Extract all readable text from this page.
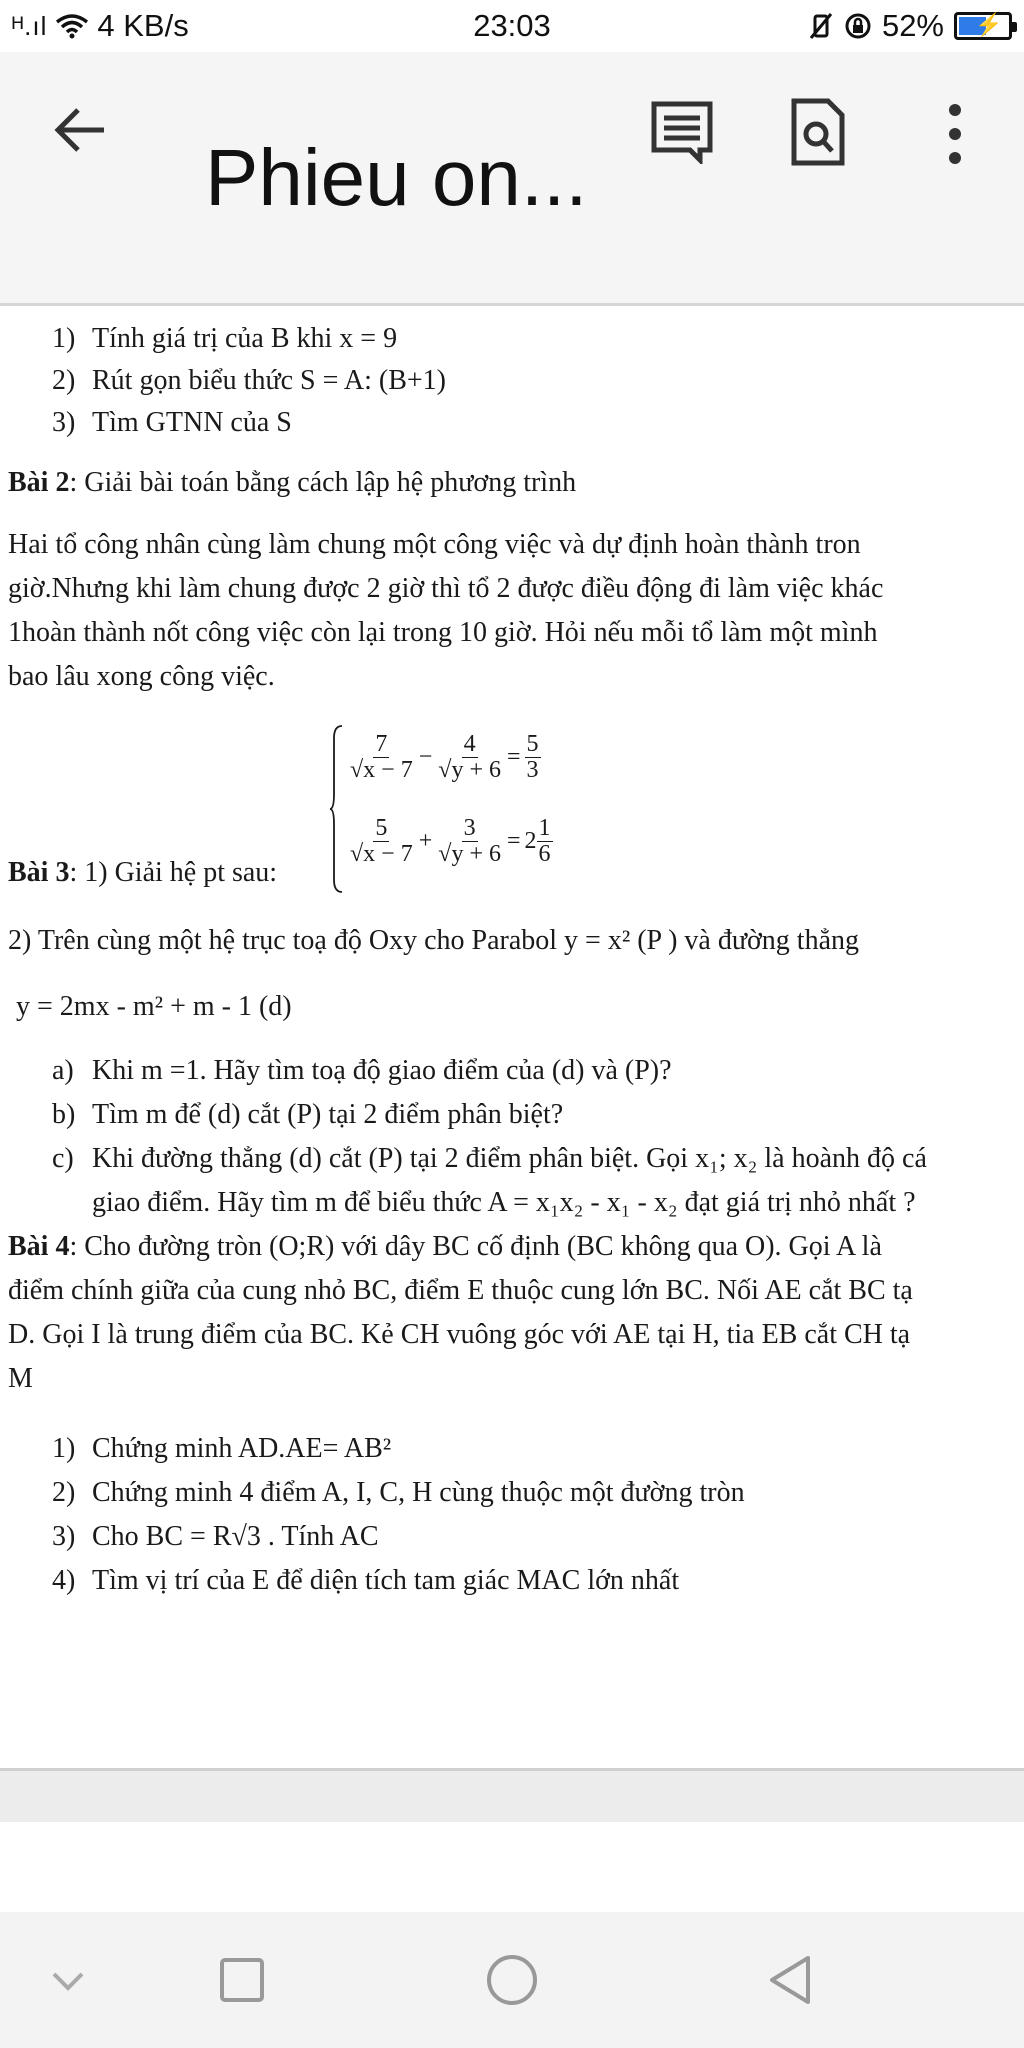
ᴴ.ıl 4 KB/s	23:03	52% ⚡
Phieu on...
1) Tính giá trị của B khi x = 9
2) Rút gọn biểu thức S = A: (B+1)
3) Tìm GTNN của S
Bài 2: Giải bài toán bằng cách lập hệ phương trình
Hai tổ công nhân cùng làm chung một công việc và dự định hoàn thành tron
giờ.Nhưng khi làm chung được 2 giờ thì tổ 2 được điều động đi làm việc khác
1hoàn thành nốt công việc còn lại trong 10 giờ. Hỏi nếu mỗi tổ làm một mình
bao lâu xong công việc.
$\frac{7}{√x - 7} - \frac{4}{√y + 6} = \frac{5}{3}$
$\frac{5}{√x - 7} + \frac{3}{√y + 6} = 2 \frac{1}{6}$
Bài 3: 1) Giải hệ pt sau:
2) Trên cùng một hệ trục toạ độ Oxy cho Parabol y = x² (P ) và đường thẳng
y = 2mx - m² + m - 1 (d)
a) Khi m =1. Hãy tìm toạ độ giao điểm của (d) và (P)?
b) Tìm m để (d) cắt (P) tại 2 điểm phân biệt?
c) Khi đường thẳng (d) cắt (P) tại 2 điểm phân biệt. Gọi x₁; x₂ là hoành độ cá
giao điểm. Hãy tìm m để biểu thức A = x₁x₂ - x₁ - x₂ đạt giá trị nhỏ nhất ?
Bài 4: Cho đường tròn (O;R) với dây BC cố định (BC không qua O). Gọi A là
điểm chính giữa của cung nhỏ BC, điểm E thuộc cung lớn BC. Nối AE cắt BC tạ
D. Gọi I là trung điểm của BC. Kẻ CH vuông góc với AE tại H, tia EB cắt CH tạ
M
1) Chứng minh AD.AE= AB²
2) Chứng minh 4 điểm A, I, C, H cùng thuộc một đường tròn
3) Cho BC = R√3 . Tính AC
4) Tìm vị trí của E để diện tích tam giác MAC lớn nhất
